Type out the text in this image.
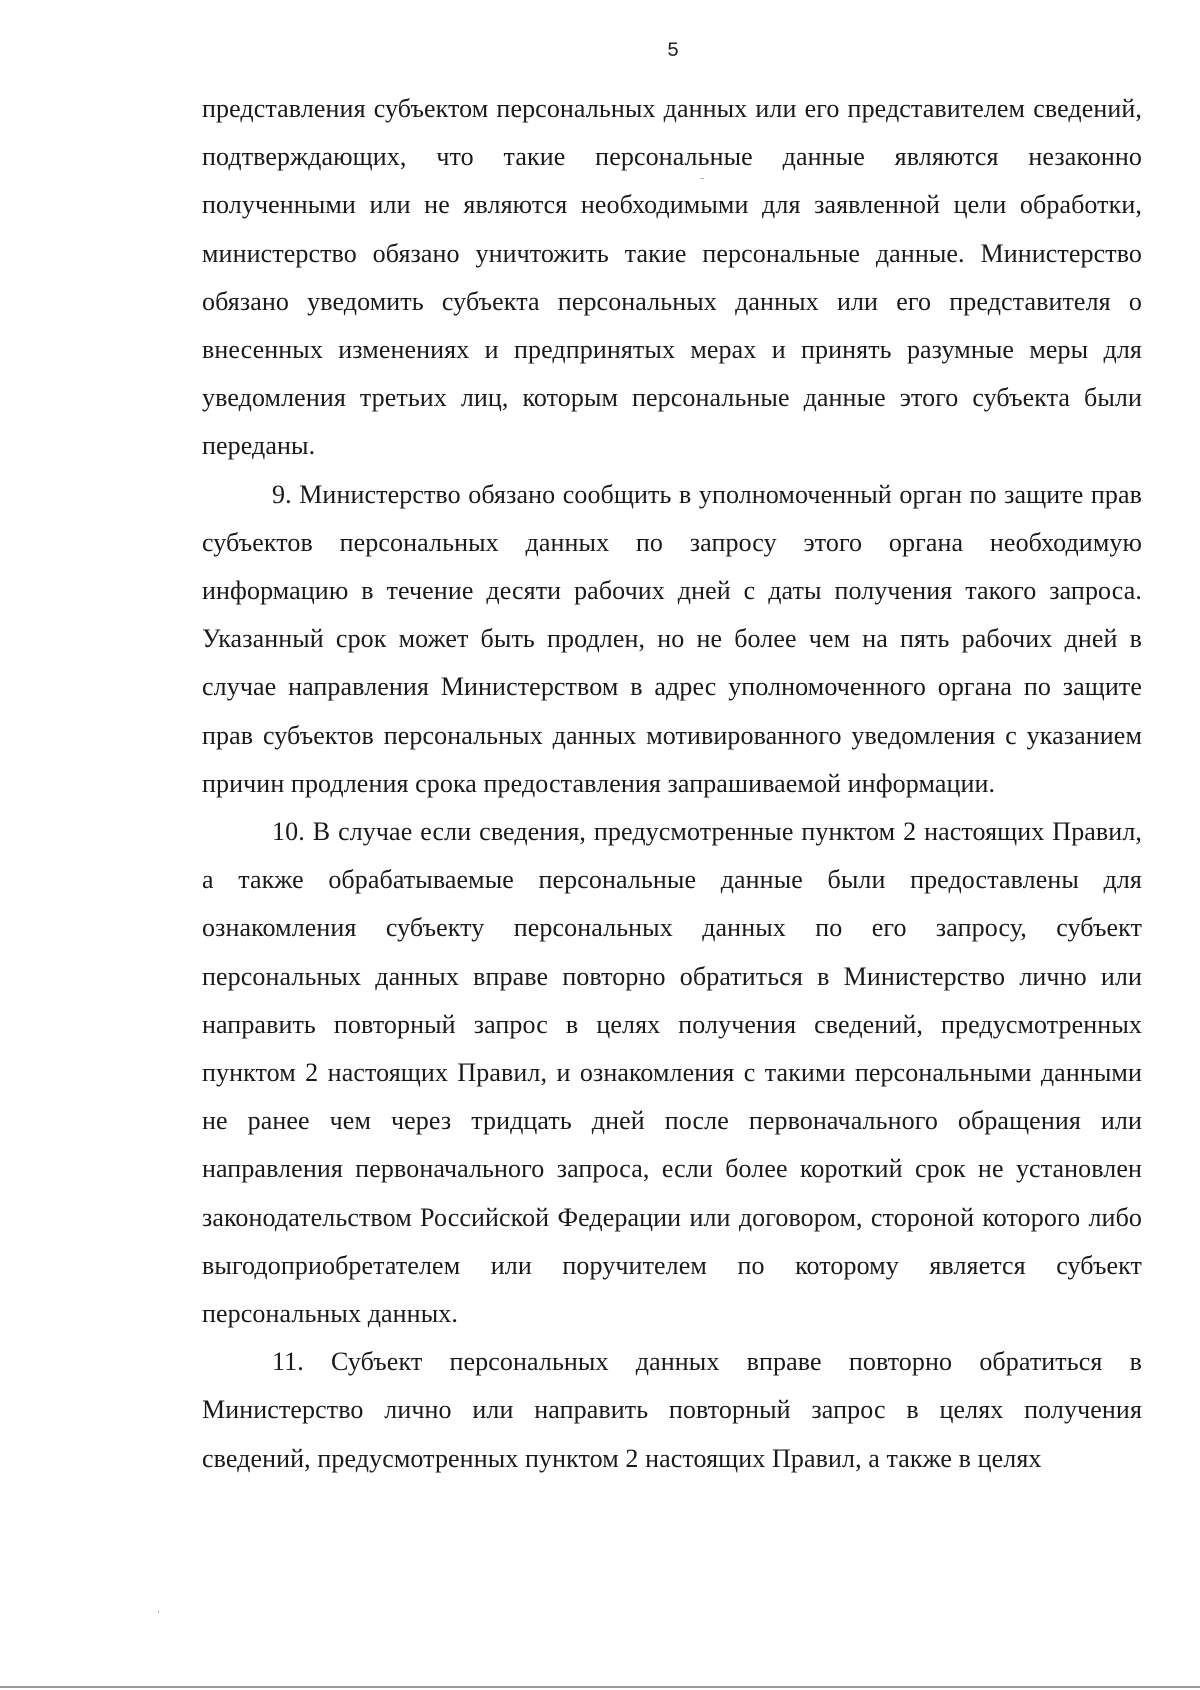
5

представления субъектом персональных данных или его представителем сведений, подтверждающих, что такие персональные данные являются незаконно полученными или не являются необходимыми для заявленной цели обработки, министерство обязано уничтожить такие персональные данные. Министерство обязано уведомить субъекта персональных данных или его представителя о внесенных изменениях и предпринятых мерах и принять разумные меры для уведомления третьих лиц, которым персональные данные этого субъекта были переданы.

9. Министерство обязано сообщить в уполномоченный орган по защите прав субъектов персональных данных по запросу этого органа необходимую информацию в течение десяти рабочих дней с даты получения такого запроса. Указанный срок может быть продлен, но не более чем на пять рабочих дней в случае направления Министерством в адрес уполномоченного органа по защите прав субъектов персональных данных мотивированного уведомления с указанием причин продления срока предоставления запрашиваемой информации.

10. В случае если сведения, предусмотренные пунктом 2 настоящих Правил, а также обрабатываемые персональные данные были предоставлены для ознакомления субъекту персональных данных по его запросу, субъект персональных данных вправе повторно обратиться в Министерство лично или направить повторный запрос в целях получения сведений, предусмотренных пунктом 2 настоящих Правил, и ознакомления с такими персональными данными не ранее чем через тридцать дней после первоначального обращения или направления первоначального запроса, если более короткий срок не установлен законодательством Российской Федерации или договором, стороной которого либо выгодоприобретателем или поручителем по которому является субъект персональных данных.

11. Субъект персональных данных вправе повторно обратиться в Министерство лично или направить повторный запрос в целях получения сведений, предусмотренных пунктом 2 настоящих Правил, а также в целях
